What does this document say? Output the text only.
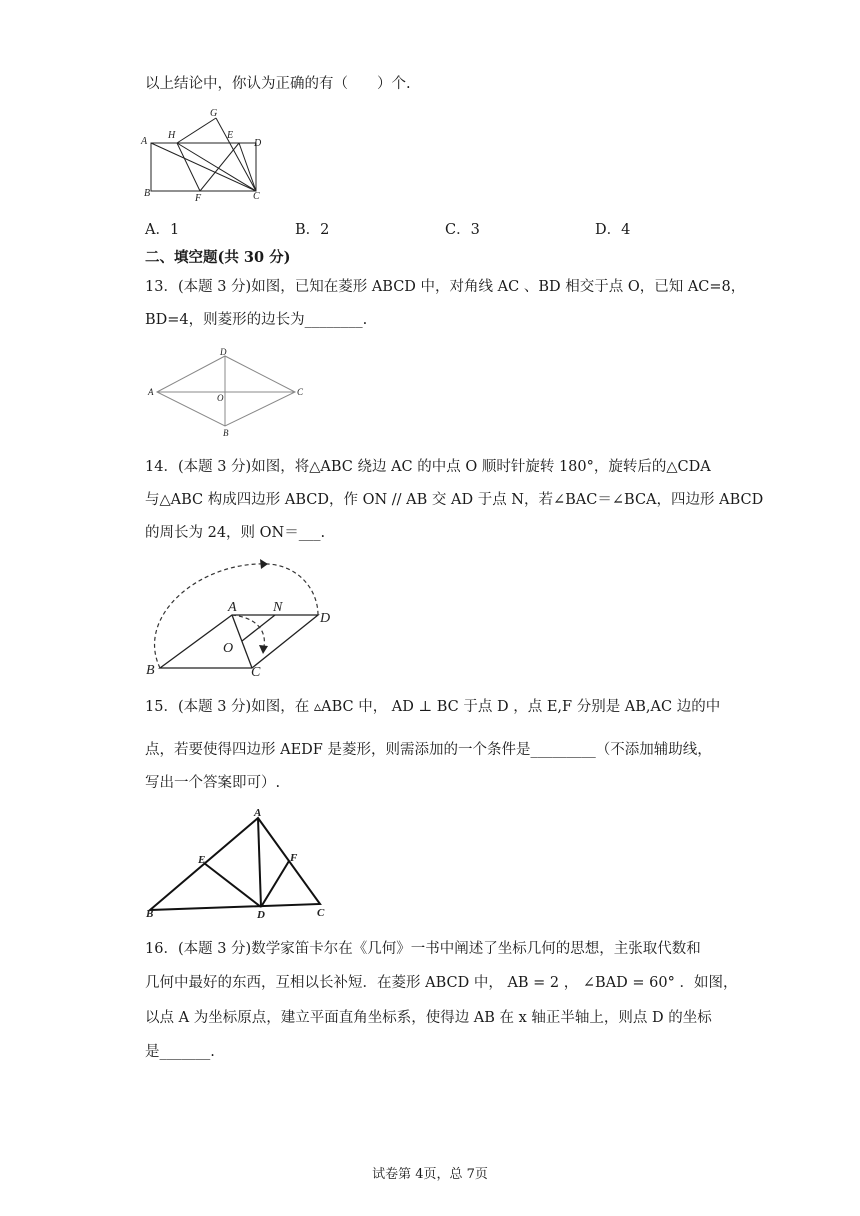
以上结论中，你认为正确的有（　　）个.
A
H
G
E
D
B	F	C
A．1	B．2	C．3	D．4
二、填空题(共 30 分)
13．(本题 3 分)如图，已知在菱形 ABCD 中，对角线 AC 、BD 相交于点 O，已知 AC=8，
BD=4，则菱形的边长为________.
A
D
C
O
B
14．(本题 3 分)如图，将△ABC 绕边 AC 的中点 O 顺时针旋转 180°，旋转后的△CDA
与△ABC 构成四边形 ABCD，作 ON // AB 交 AD 于点 N，若∠BAC＝∠BCA，四边形 ABCD
的周长为 24，则 ON＝___.
A	N
D
O
B	C
15．(本题 3 分)如图，在 ▵ABC 中， AD ⊥ BC 于点 D ，点 E,F 分别是 AB,AC 边的中
点，若要使得四边形 AEDF 是菱形，则需添加的一个条件是_________（不添加辅助线，
写出一个答案即可）.
A
E	F
B	D	C
16．(本题 3 分)数学家笛卡尔在《几何》一书中阐述了坐标几何的思想，主张取代数和
几何中最好的东西，互相以长补短．在菱形 ABCD 中， AB = 2 ， ∠BAD = 60° ．如图，
以点 A 为坐标原点，建立平面直角坐标系，使得边 AB 在 x 轴正半轴上，则点 D 的坐标
是_______.
试卷第 4页，总 7页
